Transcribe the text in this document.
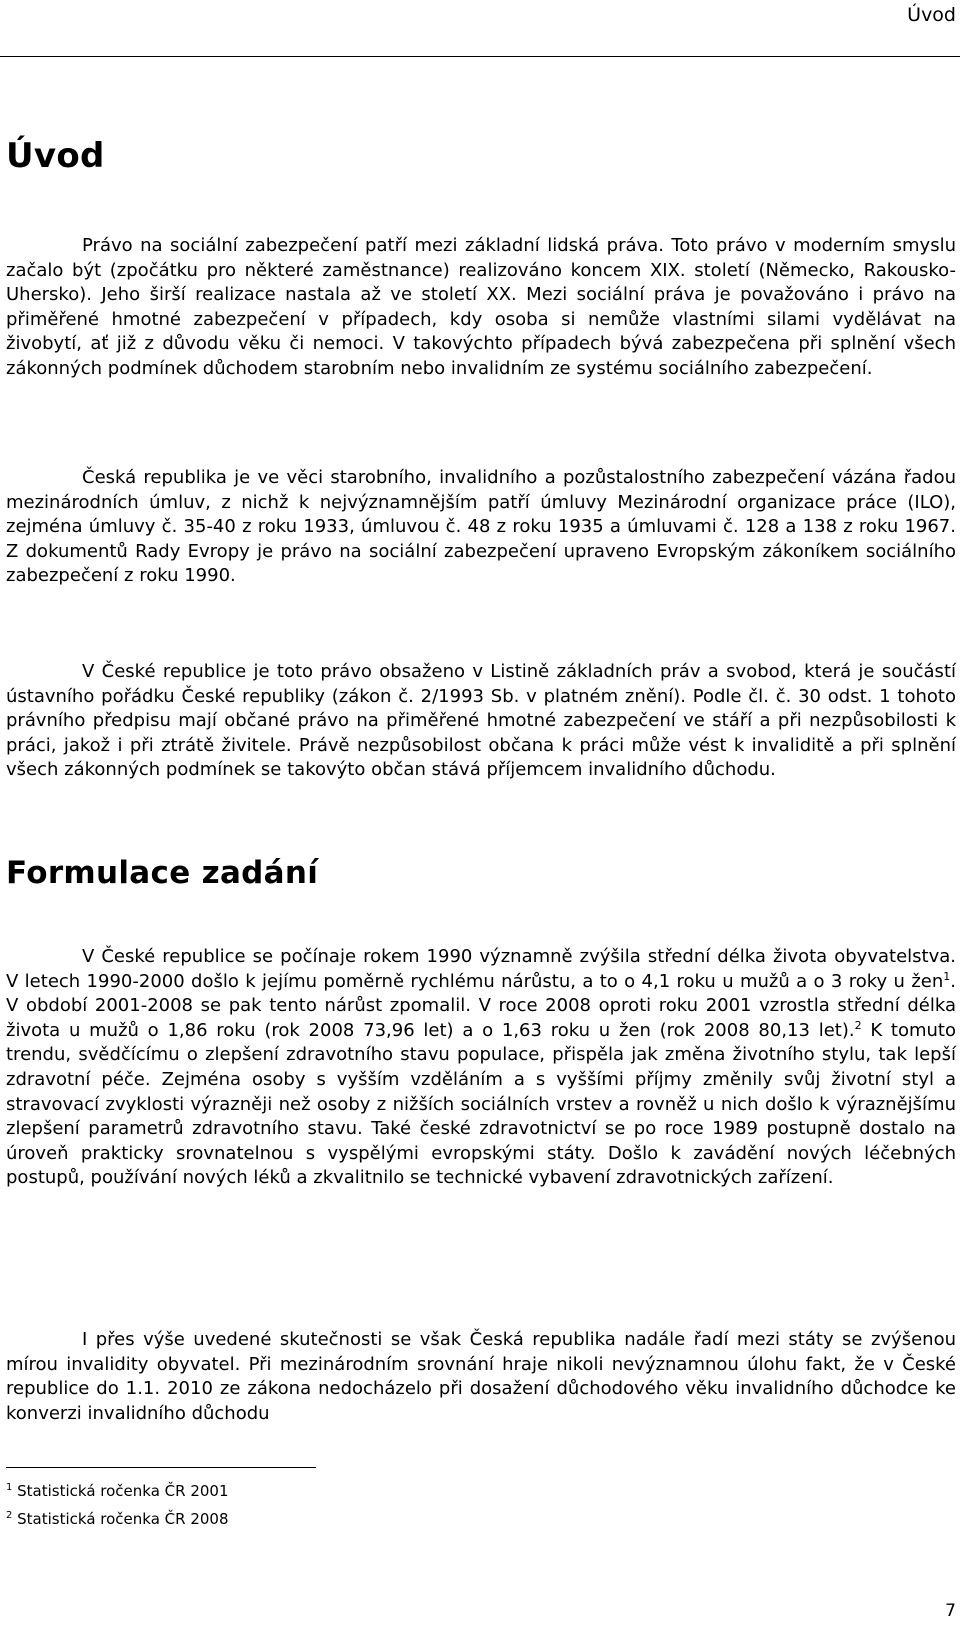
Úvod
Úvod

Právo na sociální zabezpečení patří mezi základní lidská práva. Toto právo v moderním smyslu začalo být (zpočátku pro některé zaměstnance) realizováno koncem XIX. století (Německo, Rakousko-Uhersko). Jeho širší realizace nastala až ve století XX. Mezi sociální práva je považováno i právo na přiměřené hmotné zabezpečení v případech, kdy osoba si nemůže vlastními silami vydělávat na živobytí, ať již z důvodu věku či nemoci. V takovýchto případech bývá zabezpečena při splnění všech zákonných podmínek důchodem starobním nebo invalidním ze systému sociálního zabezpečení.

Česká republika je ve věci starobního, invalidního a pozůstalostního zabezpečení vázána řadou mezinárodních úmluv, z nichž k nejvýznamnějším patří úmluvy Mezinárodní organizace práce (ILO), zejména úmluvy č. 35-40 z roku 1933, úmluvou č. 48 z roku 1935 a úmluvami č. 128 a 138 z roku 1967. Z dokumentů Rady Evropy je právo na sociální zabezpečení upraveno Evropským zákoníkem sociálního zabezpečení z roku 1990.

V České republice je toto právo obsaženo v Listině základních práv a svobod, která je součástí ústavního pořádku České republiky (zákon č. 2/1993 Sb. v platném znění). Podle čl. č. 30 odst. 1 tohoto právního předpisu mají občané právo na přiměřené hmotné zabezpečení ve stáří a při nezpůsobilosti k práci, jakož i při ztrátě živitele. Právě nezpůsobilost občana k práci může vést k invaliditě a při splnění všech zákonných podmínek se takovýto občan stává příjemcem invalidního důchodu.

Formulace zadání

V České republice se počínaje rokem 1990 významně zvýšila střední délka života obyvatelstva. V letech 1990-2000 došlo k jejímu poměrně rychlému nárůstu, a to o 4,1 roku u mužů a o 3 roky u žen$^1$. V období 2001-2008 se pak tento nárůst zpomalil. V roce 2008 oproti roku 2001 vzrostla střední délka života u mužů o 1,86 roku (rok 2008 73,96 let) a o 1,63 roku u žen (rok 2008 80,13 let).$^2$ K tomuto trendu, svědčícímu o zlepšení zdravotního stavu populace, přispěla jak změna životního stylu, tak lepší zdravotní péče. Zejména osoby s vyšším vzděláním a s vyššími příjmy změnily svůj životní styl a stravovací zvyklosti výrazněji než osoby z nižších sociálních vrstev a rovněž u nich došlo k výraznějšímu zlepšení parametrů zdravotního stavu. Také české zdravotnictví se po roce 1989 postupně dostalo na úroveň prakticky srovnatelnou s vyspělými evropskými státy. Došlo k zavádění nových léčebných postupů, používání nových léků a zkvalitnilo se technické vybavení zdravotnických zařízení.

I přes výše uvedené skutečnosti se však Česká republika nadále řadí mezi státy se zvýšenou mírou invalidity obyvatel. Při mezinárodním srovnání hraje nikoli nevýznamnou úlohu fakt, že v České republice do 1.1. 2010 ze zákona nedocházelo při dosažení důchodového věku invalidního důchodce ke konverzi invalidního důchodu

$^1$ Statistická ročenka ČR 2001

$^2$ Statistická ročenka ČR 2008

7
